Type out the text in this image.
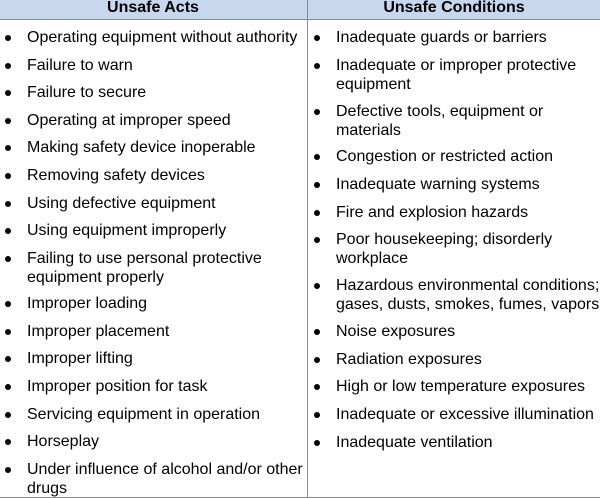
Unsafe Acts	Unsafe Conditions
Operating equipment without authority
Failure to warn
Failure to secure
Operating at improper speed
Making safety device inoperable
Removing safety devices
Using defective equipment
Using equipment improperly
Failing to use personal protective equipment properly
Improper loading
Improper placement
Improper lifting
Improper position for task
Servicing equipment in operation
Horseplay
Under influence of alcohol and/or other drugs
Inadequate guards or barriers
Inadequate or improper protective equipment
Defective tools, equipment or materials
Congestion or restricted action
Inadequate warning systems
Fire and explosion hazards
Poor housekeeping; disorderly workplace
Hazardous environmental conditions; gases, dusts, smokes, fumes, vapors
Noise exposures
Radiation exposures
High or low temperature exposures
Inadequate or excessive illumination
Inadequate ventilation
